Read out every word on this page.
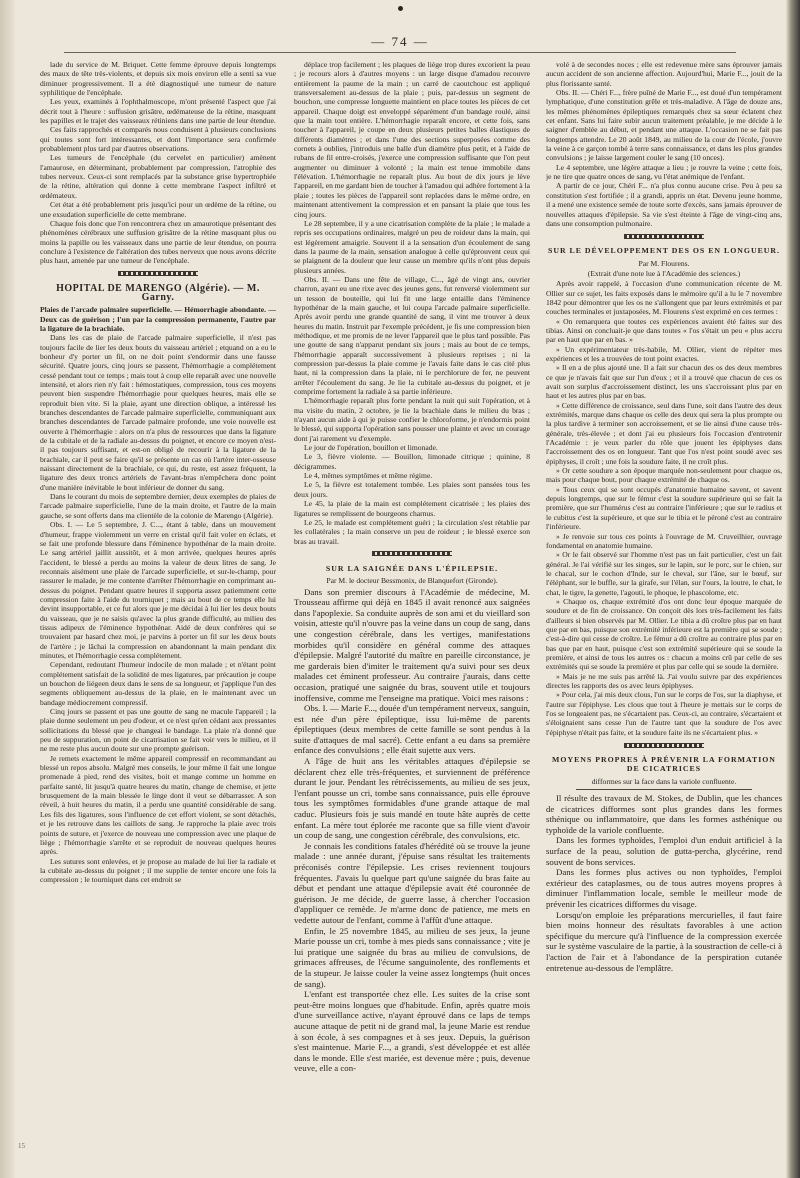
— 74 —

lade du service de M. Briquet. Cette femme éprouve depuis longtemps des maux de tête très-violents, et depuis six mois environ elle a senti sa vue diminuer progressivement. Il a été diagnostiqué une tumeur de nature syphilitique de l'encéphale.

Les yeux, examinés à l'ophthalmoscope, m'ont présenté l'aspect que j'ai décrit tout à l'heure : suffusion grisâtre, œdémateuse de la rétine, masquant les papilles et le trajet des vaisseaux rétiniens dans une partie de leur étendue.

Ces faits rapprochés et comparés nous conduisent à plusieurs conclusions qui toutes sont fort intéressantes, et dont l'importance sera confirmée probablement plus tard par d'autres observations.

Les tumeurs de l'encéphale (du cervelet en particulier) amènent l'amaurose, en déterminant, probablement par compression, l'atrophie des tubes nerveux. Ceux-ci sont remplacés par la substance grise hypertrophiée de la rétine, altération qui donne à cette membrane l'aspect infiltré et œdémateux.

Cet état a été probablement pris jusqu'ici pour un œdème de la rétine, ou une exsudation superficielle de cette membrane.

Chaque fois donc que l'on rencontrera chez un amaurotique présentant des phénomènes cérébraux une suffusion grisâtre de la rétine masquant plus ou moins la papille ou les vaisseaux dans une partie de leur étendue, on pourra conclure à l'existence de l'altération des tubes nerveux que nous avons décrite plus haut, amenée par une tumeur de l'encéphale.

HOPITAL DE MARENGO (Algérie). — M. Garny.

Plaies de l'arcade palmaire superficielle. — Hémorrhagie abondante. — Deux cas de guérison ; l'un par la compression permanente, l'autre par la ligature de la brachiale.

Dans les cas de plaie de l'arcade palmaire superficielle, il n'est pas toujours facile de lier les deux bouts du vaisseau artériel ; etquand on a eu le bonheur d'y porter un fil, on ne doit point s'endormir dans une fausse sécurité. Quatre jours, cinq jours se passent, l'hémorrhagie a complétement cessé pendant tout ce temps ; mais tout à coup elle reparaît avec une nouvelle intensité, et alors rien n'y fait : hémostatiques, compression, tous ces moyens peuvent bien suspendre l'hémorrhagie pour quelques heures, mais elle se reproduit bien vite. Si la plaie, ayant une direction oblique, a intéressé les branches descendantes de l'arcade palmaire superficielle, communiquant aux branches descendantes de l'arcade palmaire profonde, une voie nouvelle est ouverte à l'hémorrhagie : alors on n'a plus de ressources que dans la ligature de la cubitale et de la radiale au-dessus du poignet, et encore ce moyen n'est-il pas toujours suffisant, et est-on obligé de recourir à la ligature de la brachiale, car il peut se faire qu'il se présente un cas où l'artère inter-osseuse naissant directement de la brachiale, ce qui, du reste, est assez fréquent, la ligature des deux troncs artériels de l'avant-bras n'empêchera donc point d'une manière inévitable le bout inférieur de donner du sang.

Dans le courant du mois de septembre dernier, deux exemples de plaies de l'arcade palmaire superficielle, l'une de la main droite, et l'autre de la main gauche, se sont offerts dans ma clientèle de la colonie de Marengo (Algérie).

Obs. I. — Le 5 septembre, J. C..., étant à table, dans un mouvement d'humeur, frappe violemment un verre en cristal qu'il fait voler en éclats, et se fait une profonde blessure dans l'éminence hypothénar de la main droite. Le sang artériel jaillit aussitôt, et à mon arrivée, quelques heures après l'accident, le blessé a perdu au moins la valeur de deux litres de sang. Je reconnais aisément une plaie de l'arcade superficielle, et sur-le-champ, pour rassurer le malade, je me contente d'arrêter l'hémorrhagie en comprimant au-dessus du poignet. Pendant quatre heures il supporta assez patiemment cette compression faite à l'aide du tourniquet ; mais au bout de ce temps elle lui devint insupportable, et ce fut alors que je me décidai à lui lier les deux bouts du vaisseau, que je ne saisis qu'avec la plus grande difficulté, au milieu des tissus adipeux de l'éminence hypothénar. Aidé de deux confrères qui se trouvaient par hasard chez moi, je parvins à porter un fil sur les deux bouts de l'artère ; je lâchai la compression en abandonnant la main pendant dix minutes, et l'hémorrhagie cessa complétement.

Cependant, redoutant l'humeur indocile de mon malade ; et n'étant point complétement satisfait de la solidité de mes ligatures, par précaution je coupe un bouchon de liégeen deux dans le sens de sa longueur, et j'applique l'un des segments obliquement au-dessus de la plaie, en le maintenant avec un bandage médiocrement compressif.

Cinq jours se passent et pas une goutte de sang ne macule l'appareil ; la plaie donne seulement un peu d'odeur, et ce n'est qu'en cédant aux pressantes sollicitations du blessé que je changeai le bandage. La plaie n'a donné que peu de suppuration, un point de cicatrisation se fait voir vers le milieu, et il ne me reste plus aucun doute sur une prompte guérison.

Je remets exactement le même appareil compressif en recommandant au blessé un repos absolu. Malgré mes conseils, le jour même il fait une longue promenade à pied, rend des visites, boit et mange comme un homme en parfaite santé, lit jusqu'à quatre heures du matin, change de chemise, et jette brusquement de la main blessée le linge dont il veut se débarrasser. A son réveil, à huit heures du matin, il a perdu une quantité considérable de sang. Les fils des ligatures, sous l'influence de cet effort violent, se sont détachés, et je les retrouve dans les caillots de sang. Je rapproche la plaie avec trois points de suture, et j'exerce de nouveau une compression avec une plaque de liège ; l'hémorrhagie s'arrête et se reproduit de nouveau quelques heures après.

Les sutures sont enlevées, et je propose au malade de lui lier la radiale et la cubitale au-dessus du poignet ; il me supplie de tenter encore une fois la compression ; le tourniquet dans cet endroit se

déplace trop facilement ; les plaques de liège trop dures excorient la peau ; je recours alors à d'autres moyens : un large disque d'amadou recouvre entièrement la paume de la main ; un carré de caoutchouc est appliqué transversalement au-dessus de la plaie ; puis, par-dessus un segment de bouchon, une compresse longuette maintient en place toutes les pièces de cet appareil. Chaque doigt est enveloppé séparément d'un bandage roulé, ainsi que la main tout entière. L'hémorrhagie reparaît encore, et cette fois, sans toucher à l'appareil, je coupe en deux plusieurs petites balles élastiques de différents diamètres ; et dans l'une des sections superposées comme des cornets à oublies, j'introduis une balle d'un diamètre plus petit, et à l'aide de rubans de fil entre-croisés, j'exerce une compression suffisante que l'on peut augmenter ou diminuer à volonté ; la main est tenue immobile dans l'élévation. L'hémorrhagie ne reparaît plus. Au bout de dix jours je lève l'appareil, en me gardant bien de toucher à l'amadou qui adhère fortement à la plaie ; toutes les pièces de l'appareil sont replacées dans le même ordre, en maintenant attentivement la compression et en pansant la plaie que tous les cinq jours.

Le 28 septembre, il y a une cicatrisation complète de la plaie ; le malade a repris ses occupations ordinaires, malgré un peu de roideur dans la main, qui est légèrement amaigrie. Souvent il a la sensation d'un écoulement de sang dans la paume de la main, sensation analogue à celle qu'éprouvent ceux qui se plaignent de la douleur que leur cause un membre qu'ils n'ont plus depuis plusieurs années.

Obs. II. — Dans une fête de village, C..., âgé de vingt ans, ouvrier charron, ayant eu une rixe avec des jeunes gens, fut renversé violemment sur un tesson de bouteille, qui lui fit une large entaille dans l'éminence hypothénar de la main gauche, et lui coupa l'arcade palmaire superficielle. Après avoir perdu une grande quantité de sang, il vint me trouver à deux heures du matin. Instruit par l'exemple précédent, je fis une compression bien méthodique, et me promis de ne lever l'appareil que le plus tard possible. Pas une goutte de sang n'apparut pendant six jours ; mais au bout de ce temps, l'hémorrhagie apparaît successivement à plusieurs reprises ; ni la compression par-dessus la plaie comme je l'avais faite dans le cas cité plus haut, ni la compression dans la plaie, ni le perchlorure de fer, ne peuvent arrêter l'écoulement du sang. Je lie la cubitale au-dessus du poignet, et je comprime fortement la radiale à sa partie inférieure.

L'hémorrhagie reparaît plus forte pendant la nuit qui suit l'opération, et à ma visite du matin, 2 octobre, je lie la brachiale dans le milieu du bras ; n'ayant aucun aide à qui je puisse confier le chloroforme, je n'endormis point le blessé, qui supporta l'opération sans pousser une plainte et avec un courage dont j'ai rarement vu d'exemple.

Le jour de l'opération, bouillon et limonade.

Le 3, fièvre violente. — Bouillon, limonade citrique ; quinine, 8 décigrammes.

Le 4, mêmes symptômes et même régime.

Le 5, la fièvre est totalement tombée. Les plaies sont pansées tous les deux jours.

Le 45, la plaie de la main est complétement cicatrisée ; les plaies des ligatures se remplissent de bourgeons charnus.

Le 25, le malade est complétement guéri ; la circulation s'est rétablie par les collatérales ; la main conserve un peu de roideur ; le blessé exerce son bras au travail.

SUR LA SAIGNÉE DANS L'ÉPILEPSIE.
Par M. le docteur Bessmonix, de Blanquefort (Gironde).

Dans son premier discours à l'Académie de médecine, M. Trousseau affirme qui déjà en 1845 il avait renoncé aux saignées dans l'apoplexie. Sa conduite auprès de son ami et du vieillard son voisin, atteste qu'il n'ouvre pas la veine dans un coup de sang, dans une congestion cérébrale, dans les vertiges, manifestations morbides qu'il considère en général comme des attaques d'épilepsie. Malgré l'autorité du maître en pareille circonstance, je me garderais bien d'imiter le traitement qu'a suivi pour ses deux malades cet éminent professeur. Au contraire j'aurais, dans cette occasion, pratiqué une saignée du bras, souvent utile et toujours inoffensive, comme me l'enseigne ma pratique. Voici mes raisons :

Obs. I. — Marie F..., douée d'un tempérament nerveux, sanguin, est née d'un père épileptique, issu lui-même de parents épileptiques (deux membres de cette famille se sont pendus à la suite d'attaques de mal sacré). Cette enfant a eu dans sa première enfance des convulsions ; elle était sujette aux vers.

A l'âge de huit ans les véritables attaques d'épilepsie se déclarent chez elle très-fréquentes, et surviennent de préférence durant le jour. Pendant les rétrécissements, au milieu de ses jeux, l'enfant pousse un cri, tombe sans connaissance, puis elle éprouve tous les symptômes formidables d'une grande attaque de mal caduc. Plusieurs fois je suis mandé en toute hâte auprès de cette enfant. La mère tout éplorée me raconte que sa fille vient d'avoir un coup de sang, une congestion cérébrale, des convulsions, etc.

Je connais les conditions fatales d'hérédité où se trouve la jeune malade : une année durant, j'épuise sans résultat les traitements préconisés contre l'épilepsie. Les crises reviennent toujours fréquentes. J'avais lu quelque part qu'une saignée du bras faite au début et pendant une attaque d'épilepsie avait été couronnée de guérison. Je me décide, de guerre lasse, à chercher l'occasion d'appliquer ce remède. Je m'arme donc de patience, me mets en vedette autour de l'enfant, comme à l'affût d'une attaque.

Enfin, le 25 novembre 1845, au milieu de ses jeux, la jeune Marie pousse un cri, tombe à mes pieds sans connaissance ; vite je lui pratique une saignée du bras au milieu de convulsions, de grimaces affreuses, de l'écume sanguinolente, des ronflements et de la stupeur. Je laisse couler la veine assez longtemps (huit onces de sang).

L'enfant est transportée chez elle. Les suites de la crise sont peut-être moins longues que d'habitude. Enfin, après quatre mois d'une surveillance active, n'ayant éprouvé dans ce laps de temps aucune attaque de petit ni de grand mal, la jeune Marie est rendue à son école, à ses compagnes et à ses jeux. Depuis, la guérison s'est maintenue. Marie F..., a grandi, s'est développée et est allée dans le monde. Elle s'est mariée, est devenue mère ; puis, devenue veuve, elle a con-

volé à de secondes noces ; elle est redevenue mère sans éprouver jamais aucun accident de son ancienne affection. Aujourd'hui, Marie F..., jouit de la plus florissante santé.

Obs. II. — Chéri F..., frère puîné de Marie F..., est doué d'un tempérament lymphatique, d'une constitution grêle et très-maladive. A l'âge de douze ans, les mêmes phénomènes épileptiques remarqués chez sa sœur éclatent chez cet enfant. Sans lui faire subir aucun traitement préalable, je me décide à le saigner d'emblée au début, et pendant une attaque. L'occasion ne se fait pas longtemps attendre. Le 20 août 1849, au milieu de la cour de l'école, j'ouvre la veine à ce garçon tombé à terre sans connaissance, et dans les plus grandes convulsions ; je laisse largement couler le sang (10 onces).

Le 4 septembre, une légère attaque a lieu ; je rouvre la veine ; cette fois, je ne tire que quatre onces de sang, vu l'état anémique de l'enfant.

A partir de ce jour, Chéri F... n'a plus connu aucune crise. Peu à peu sa constitution s'est fortifiée ; il a grandi, appris un état. Devenu jeune homme, il a mené une existence semée de toute sorte d'excès, sans jamais éprouver de nouvelles attaques d'épilepsie. Sa vie s'est éteinte à l'âge de vingt-cinq ans, dans une consomption pulmonaire.

SUR LE DÉVELOPPEMENT DES OS EN LONGUEUR.
Par M. Flourens.
(Extrait d'une note lue à l'Académie des sciences.)

Après avoir rappelé, à l'occasion d'une communication récente de M. Ollier sur ce sujet, les faits exposés dans le mémoire qu'il a lu le 7 novembre 1842 pour démontrer que les os ne s'allongent que par leurs extrémités et par couches terminales et juxtaposées, M. Flourens s'est exprimé en ces termes :

« On remarquera que toutes ces expériences avaient été faites sur des tibias. Ainsi on concluait-je que dans toutes « l'os s'était un peu « plus accru par en haut que par en bas. »

» Un expérimentateur très-habile, M. Ollier, vient de répéter mes expériences et les a trouvées de tout point exactes.

» Il en a de plus ajouté une. Il a fait sur chacun des os des deux membres ce que je n'avais fait que sur l'un d'eux ; et il a trouvé que chacun de ces os avait son surplus d'accroissement distinct, les uns s'accroissant plus par en haut et les autres plus par en bas.

» Cette différence de croissance, seul dans l'une, soit dans l'autre des deux extrémités, marque dans chaque os celle des deux qui sera la plus prompte ou la plus tardive à terminer son accroissement, et se lie ainsi d'une cause très-générale, très-élevée ; et dont j'ai eu plusieurs fois l'occasion d'entretenir l'Académie : je veux parler du rôle que jouent les épiphyses dans l'accroissement des os en longueur. Tant que l'os n'est point soudé avec ses épiphyses, il croît ; une fois la soudure faite, il ne croît plus.

» Or cette soudure a son époque marquée non-seulement pour chaque os, mais pour chaque bout, pour chaque extrémité de chaque os.

» Tous ceux qui se sont occupés d'anatomie humaine savent, et savent depuis longtemps, que sur le fémur c'est la soudure supérieure qui se fait la première, que sur l'humérus c'est au contraire l'inférieure ; que sur le radius et le cubitus c'est la supérieure, et que sur le tibia et le péroné c'est au contraire l'inférieure.

» Je renvoie sur tous ces points à l'ouvrage de M. Cruveilhier, ouvrage fondamental en anatomie humaine.

» Or le fait observé sur l'homme n'est pas un fait particulier, c'est un fait général. Je l'ai vérifié sur les singes, sur le lapin, sur le porc, sur le chien, sur le chacal, sur le cochon d'Inde, sur le cheval, sur l'âne, sur le bœuf, sur l'éléphant, sur le buffle, sur la girafe, sur l'élan, sur l'ours, la loutre, le chat, le chat, le tigre, la genette, l'agouti, le phoque, le phascolome, etc.

» Chaque os, chaque extrémité d'os ont donc leur époque marquée de soudure et de fin de croissance. On conçoit dès lors très-facilement les faits d'ailleurs si bien observés par M. Ollier. Le tibia a dû croître plus par en haut que par en bas, puisque son extrémité inférieure est la première qui se soude ; c'est-à-dire qui cesse de croître. Le fémur a dû croître au contraire plus par en bas que par en haut, puisque c'est son extrémité supérieure qui se soude la première, et ainsi de tous les autres os : chacun a moins crû par celle de ses extrémités qui se soude la première et plus par celle qui se soude la dernière.

» Mais je ne me suis pas arrêté là. J'ai voulu suivre par des expériences directes les rapports des os avec leurs épiphyses.

» Pour cela, j'ai mis deux clous, l'un sur le corps de l'os, sur la diaphyse, et l'autre sur l'épiphyse. Les clous que tout à l'heure je mettais sur le corps de l'os se longeaient pas, ne s'écartaient pas. Ceux-ci, au contraire, s'écartaient et s'éloignaient sans cesse l'un de l'autre tant que la soudure de l'os avec l'épiphyse n'était pas faite, et la soudure faite ils ne s'écartaient plus. »

MOYENS PROPRES À PRÉVENIR LA FORMATION DE CICATRICES
difformes sur la face dans la variole confluente.

Il résulte des travaux de M. Stokes, de Dublin, que les chances de cicatrices difformes sont plus grandes dans les formes sthénique ou inflammatoire, que dans les formes asthénique ou typhoïde de la variole confluente.

Dans les formes typhoïdes, l'emploi d'un enduit artificiel à la surface de la peau, solution de gutta-percha, glycérine, rend souvent de bons services.

Dans les formes plus actives ou non typhoïdes, l'emploi extérieur des cataplasmes, ou de tous autres moyens propres à diminuer l'inflammation locale, semble le meilleur mode de prévenir les cicatrices difformes du visage.

Lorsqu'on emploie les préparations mercurielles, il faut faire bien moins honneur des résultats favorables à une action spécifique du mercure qu'à l'influence de la compression exercée sur le système vasculaire de la partie, à la soustraction de celle-ci à l'action de l'air et à l'abondance de la perspiration cutanée entretenue au-dessous de l'emplâtre.

15
